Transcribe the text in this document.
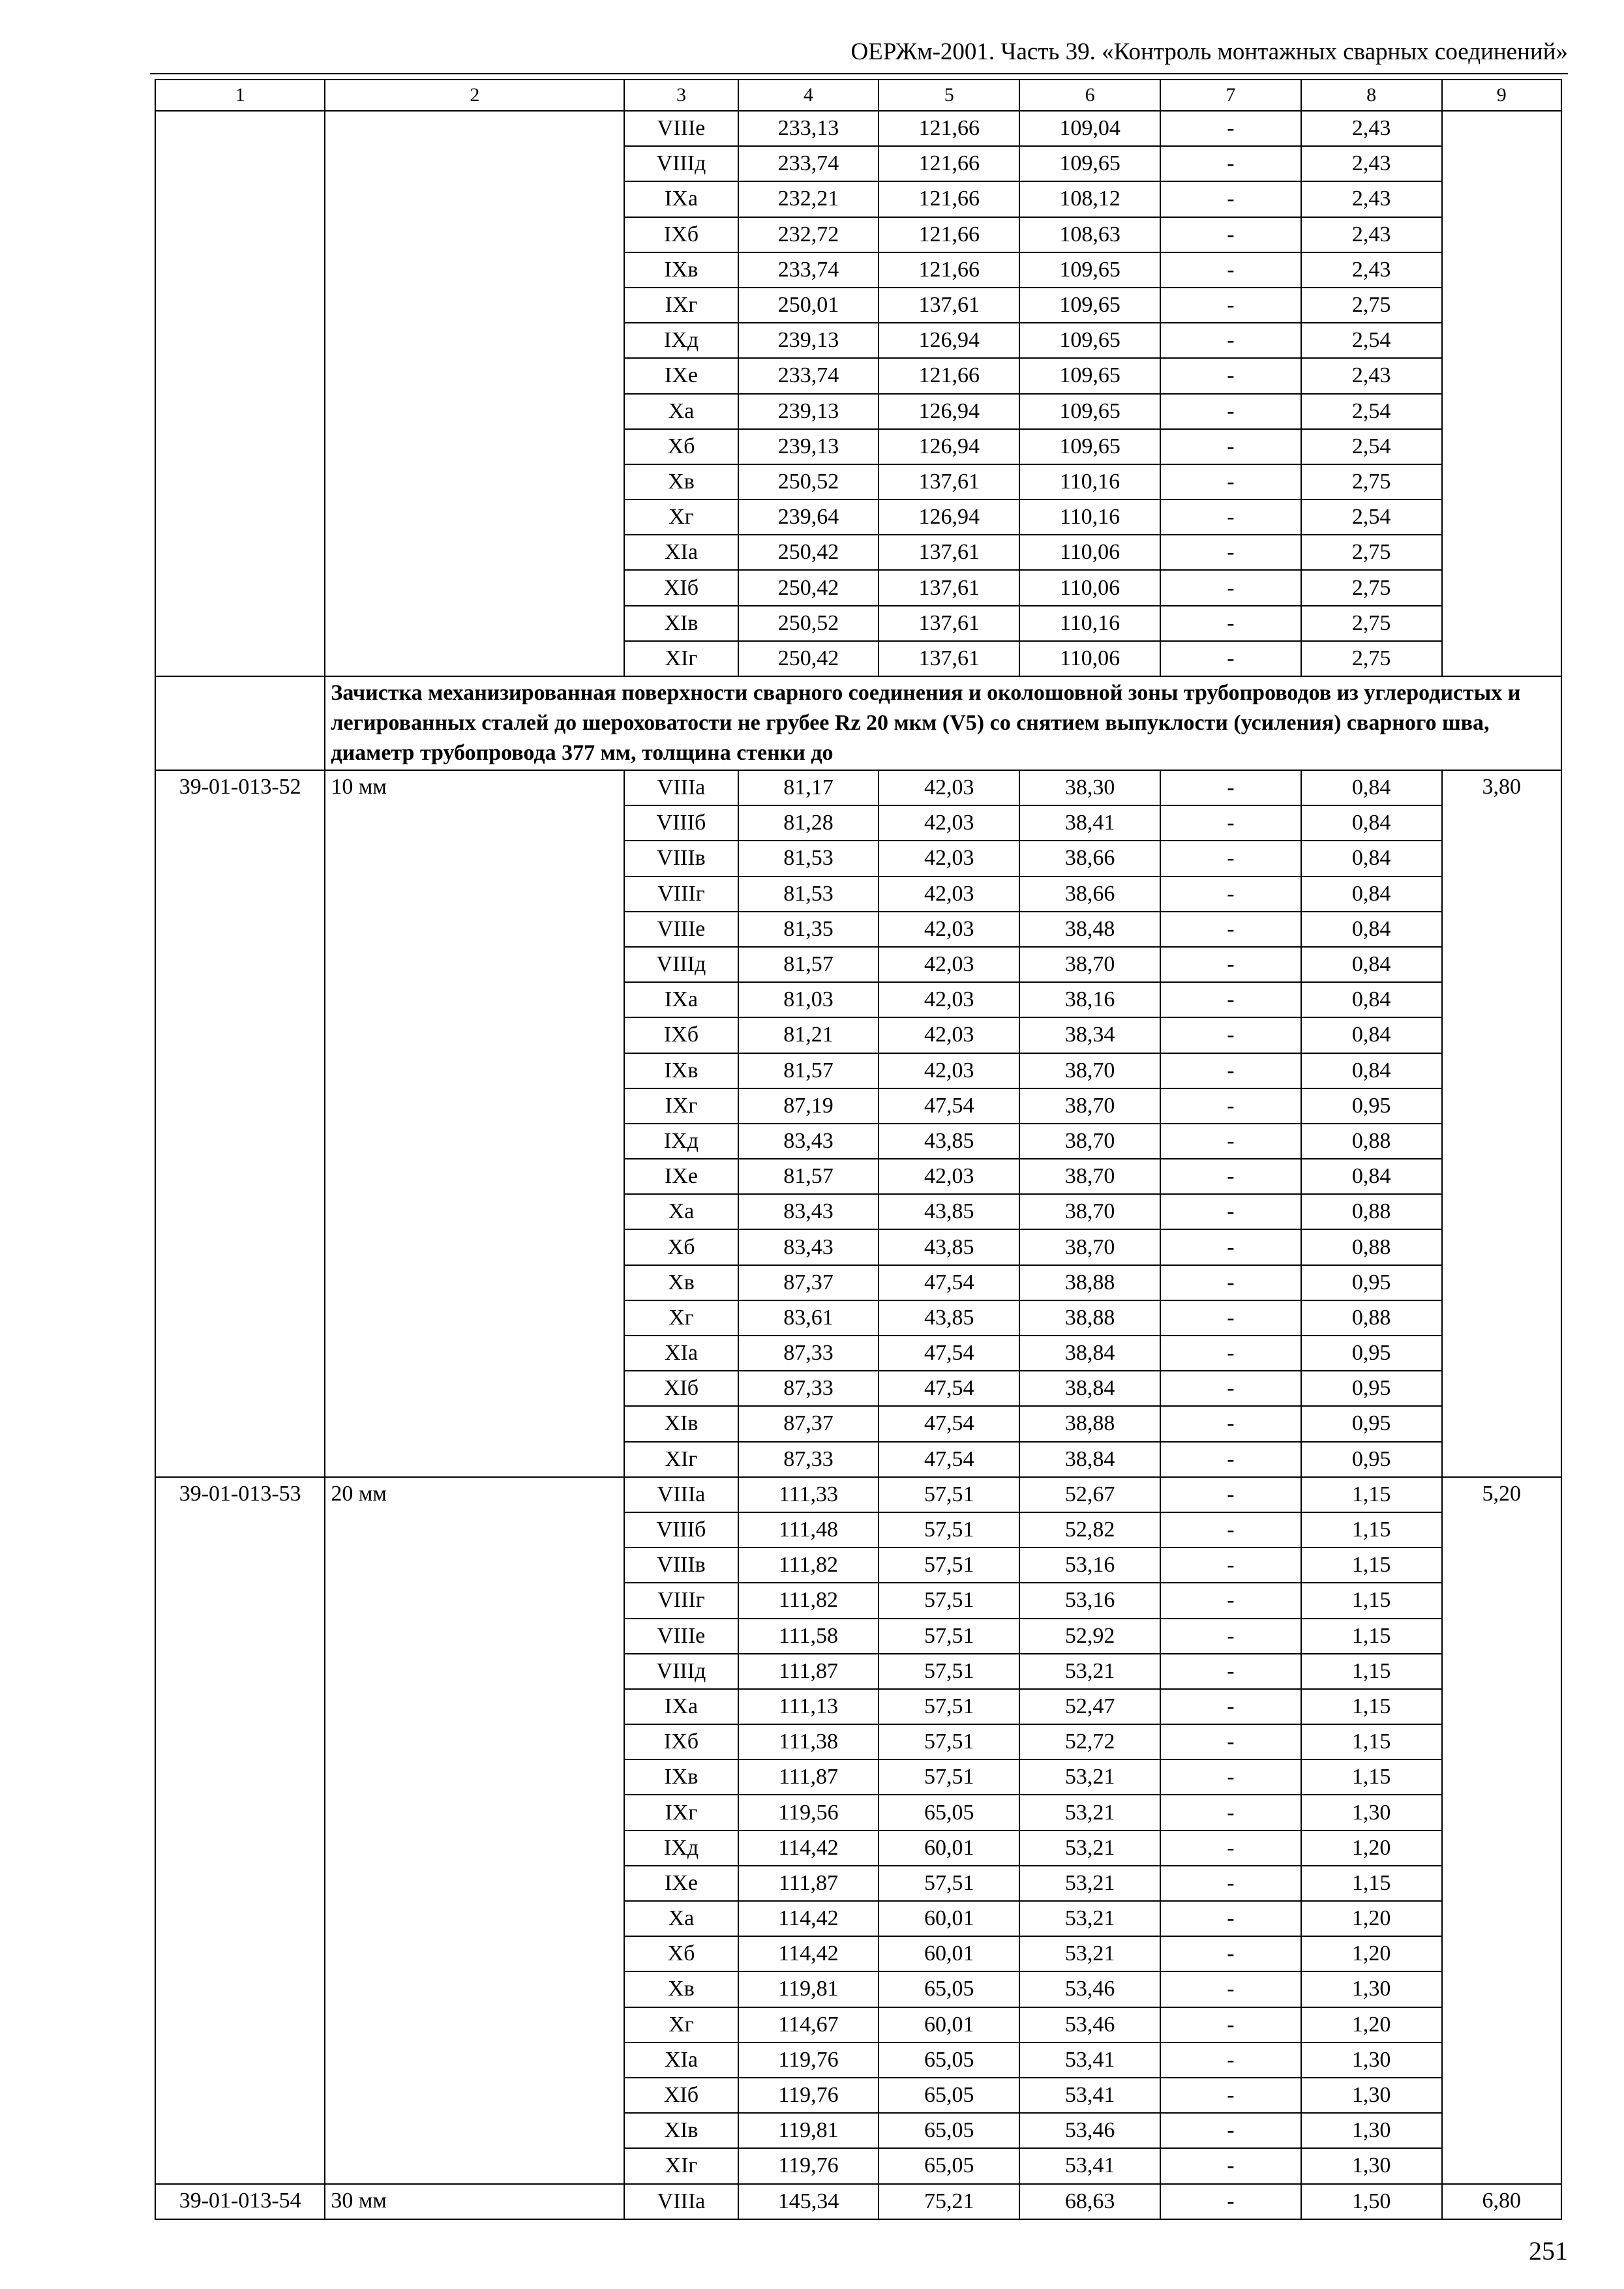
ОЕРЖм-2001. Часть 39. «Контроль монтажных сварных соединений»
1	2	3	4	5	6	7	8	9
		VIIIе	233,13	121,66	109,04	-	2,43	
		VIIIд	233,74	121,66	109,65	-	2,43	
		IXа	232,21	121,66	108,12	-	2,43	
		IXб	232,72	121,66	108,63	-	2,43	
		IXв	233,74	121,66	109,65	-	2,43	
		IXг	250,01	137,61	109,65	-	2,75	
		IXд	239,13	126,94	109,65	-	2,54	
		IXе	233,74	121,66	109,65	-	2,43	
		Xа	239,13	126,94	109,65	-	2,54	
		Xб	239,13	126,94	109,65	-	2,54	
		Xв	250,52	137,61	110,16	-	2,75	
		Xг	239,64	126,94	110,16	-	2,54	
		XIа	250,42	137,61	110,06	-	2,75	
		XIб	250,42	137,61	110,06	-	2,75	
		XIв	250,52	137,61	110,16	-	2,75	
		XIг	250,42	137,61	110,06	-	2,75	
	Зачистка механизированная поверхности сварного соединения и околошовной зоны трубопроводов из углеродистых и легированных сталей до шероховатости не грубее Rz 20 мкм (V5) со снятием выпуклости (усиления) сварного шва, диаметр трубопровода 377 мм, толщина стенки до							
39-01-013-52	10 мм	VIIIа	81,17	42,03	38,30	-	0,84	3,80
		VIIIб	81,28	42,03	38,41	-	0,84	
		VIIIв	81,53	42,03	38,66	-	0,84	
		VIIIг	81,53	42,03	38,66	-	0,84	
		VIIIе	81,35	42,03	38,48	-	0,84	
		VIIIд	81,57	42,03	38,70	-	0,84	
		IXа	81,03	42,03	38,16	-	0,84	
		IXб	81,21	42,03	38,34	-	0,84	
		IXв	81,57	42,03	38,70	-	0,84	
		IXг	87,19	47,54	38,70	-	0,95	
		IXд	83,43	43,85	38,70	-	0,88	
		IXе	81,57	42,03	38,70	-	0,84	
		Xа	83,43	43,85	38,70	-	0,88	
		Xб	83,43	43,85	38,70	-	0,88	
		Xв	87,37	47,54	38,88	-	0,95	
		Xг	83,61	43,85	38,88	-	0,88	
		XIа	87,33	47,54	38,84	-	0,95	
		XIб	87,33	47,54	38,84	-	0,95	
		XIв	87,37	47,54	38,88	-	0,95	
		XIг	87,33	47,54	38,84	-	0,95	
39-01-013-53	20 мм	VIIIа	111,33	57,51	52,67	-	1,15	5,20
		VIIIб	111,48	57,51	52,82	-	1,15	
		VIIIв	111,82	57,51	53,16	-	1,15	
		VIIIг	111,82	57,51	53,16	-	1,15	
		VIIIе	111,58	57,51	52,92	-	1,15	
		VIIIд	111,87	57,51	53,21	-	1,15	
		IXа	111,13	57,51	52,47	-	1,15	
		IXб	111,38	57,51	52,72	-	1,15	
		IXв	111,87	57,51	53,21	-	1,15	
		IXг	119,56	65,05	53,21	-	1,30	
		IXд	114,42	60,01	53,21	-	1,20	
		IXе	111,87	57,51	53,21	-	1,15	
		Xа	114,42	60,01	53,21	-	1,20	
		Xб	114,42	60,01	53,21	-	1,20	
		Xв	119,81	65,05	53,46	-	1,30	
		Xг	114,67	60,01	53,46	-	1,20	
		XIа	119,76	65,05	53,41	-	1,30	
		XIб	119,76	65,05	53,41	-	1,30	
		XIв	119,81	65,05	53,46	-	1,30	
		XIг	119,76	65,05	53,41	-	1,30	
39-01-013-54	30 мм	VIIIа	145,34	75,21	68,63	-	1,50	6,80
251
